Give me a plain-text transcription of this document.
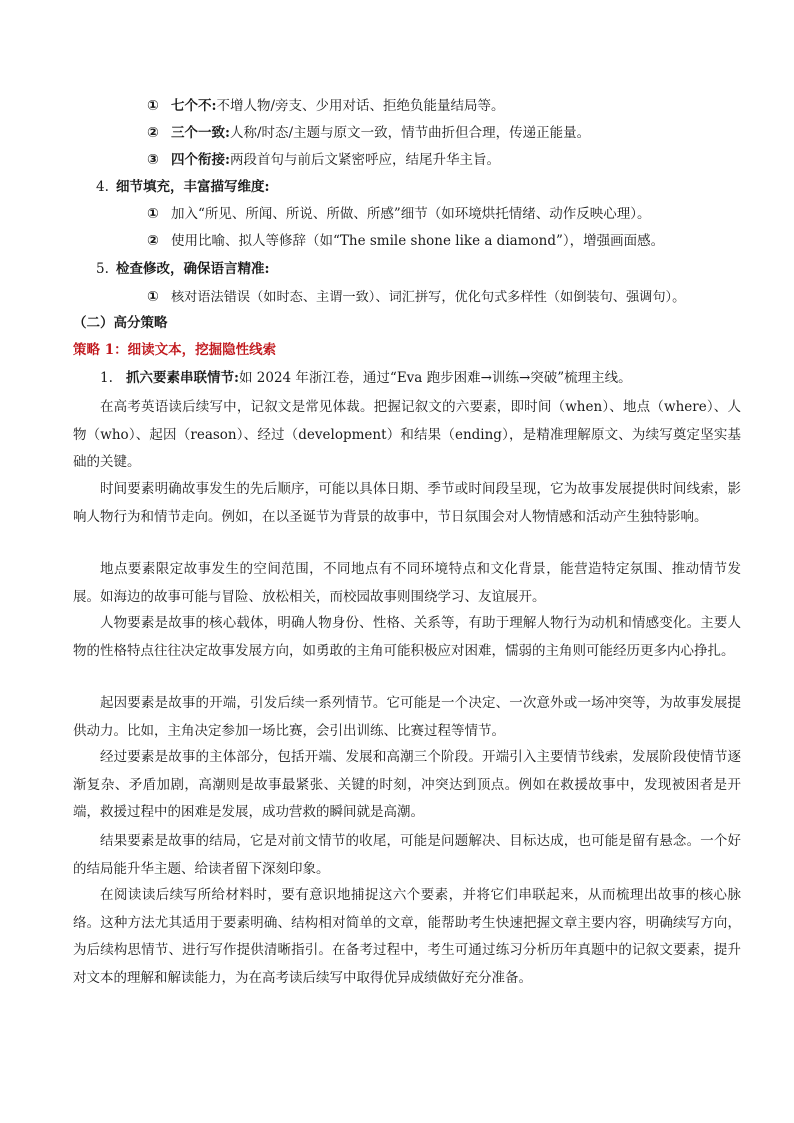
① 七个不:不增人物/旁支、少用对话、拒绝负能量结局等。
② 三个一致:人称/时态/主题与原文一致，情节曲折但合理，传递正能量。
③ 四个衔接:两段首句与前后文紧密呼应，结尾升华主旨。
4. 细节填充，丰富描写维度:
① 加入“所见、所闻、所说、所做、所感”细节（如环境烘托情绪、动作反映心理）。
② 使用比喻、拟人等修辞（如“The smile shone like a diamond”），增强画面感。
5. 检查修改，确保语言精准:
① 核对语法错误（如时态、主谓一致）、词汇拼写，优化句式多样性（如倒装句、强调句）。
（二）高分策略
策略 1：细读文本，挖掘隐性线索
1. 抓六要素串联情节:如 2024 年浙江卷，通过“Eva 跑步困难→训练→突破”梳理主线。
在高考英语读后续写中，记叙文是常见体裁。把握记叙文的六要素，即时间（when）、地点（where）、人物（who）、起因（reason）、经过（development）和结果（ending），是精准理解原文、为续写奠定坚实基础的关键。
时间要素明确故事发生的先后顺序，可能以具体日期、季节或时间段呈现，它为故事发展提供时间线索，影响人物行为和情节走向。例如，在以圣诞节为背景的故事中，节日氛围会对人物情感和活动产生独特影响。
地点要素限定故事发生的空间范围，不同地点有不同环境特点和文化背景，能营造特定氛围、推动情节发展。如海边的故事可能与冒险、放松相关，而校园故事则围绕学习、友谊展开。
人物要素是故事的核心载体，明确人物身份、性格、关系等，有助于理解人物行为动机和情感变化。主要人物的性格特点往往决定故事发展方向，如勇敢的主角可能积极应对困难，懦弱的主角则可能经历更多内心挣扎。
起因要素是故事的开端，引发后续一系列情节。它可能是一个决定、一次意外或一场冲突等，为故事发展提供动力。比如，主角决定参加一场比赛，会引出训练、比赛过程等情节。
经过要素是故事的主体部分，包括开端、发展和高潮三个阶段。开端引入主要情节线索，发展阶段使情节逐渐复杂、矛盾加剧，高潮则是故事最紧张、关键的时刻，冲突达到顶点。例如在救援故事中，发现被困者是开端，救援过程中的困难是发展，成功营救的瞬间就是高潮。
结果要素是故事的结局，它是对前文情节的收尾，可能是问题解决、目标达成，也可能是留有悬念。一个好的结局能升华主题、给读者留下深刻印象。
在阅读读后续写所给材料时，要有意识地捕捉这六个要素，并将它们串联起来，从而梳理出故事的核心脉络。这种方法尤其适用于要素明确、结构相对简单的文章，能帮助考生快速把握文章主要内容，明确续写方向，为后续构思情节、进行写作提供清晰指引。在备考过程中，考生可通过练习分析历年真题中的记叙文要素，提升对文本的理解和解读能力，为在高考读后续写中取得优异成绩做好充分准备。
